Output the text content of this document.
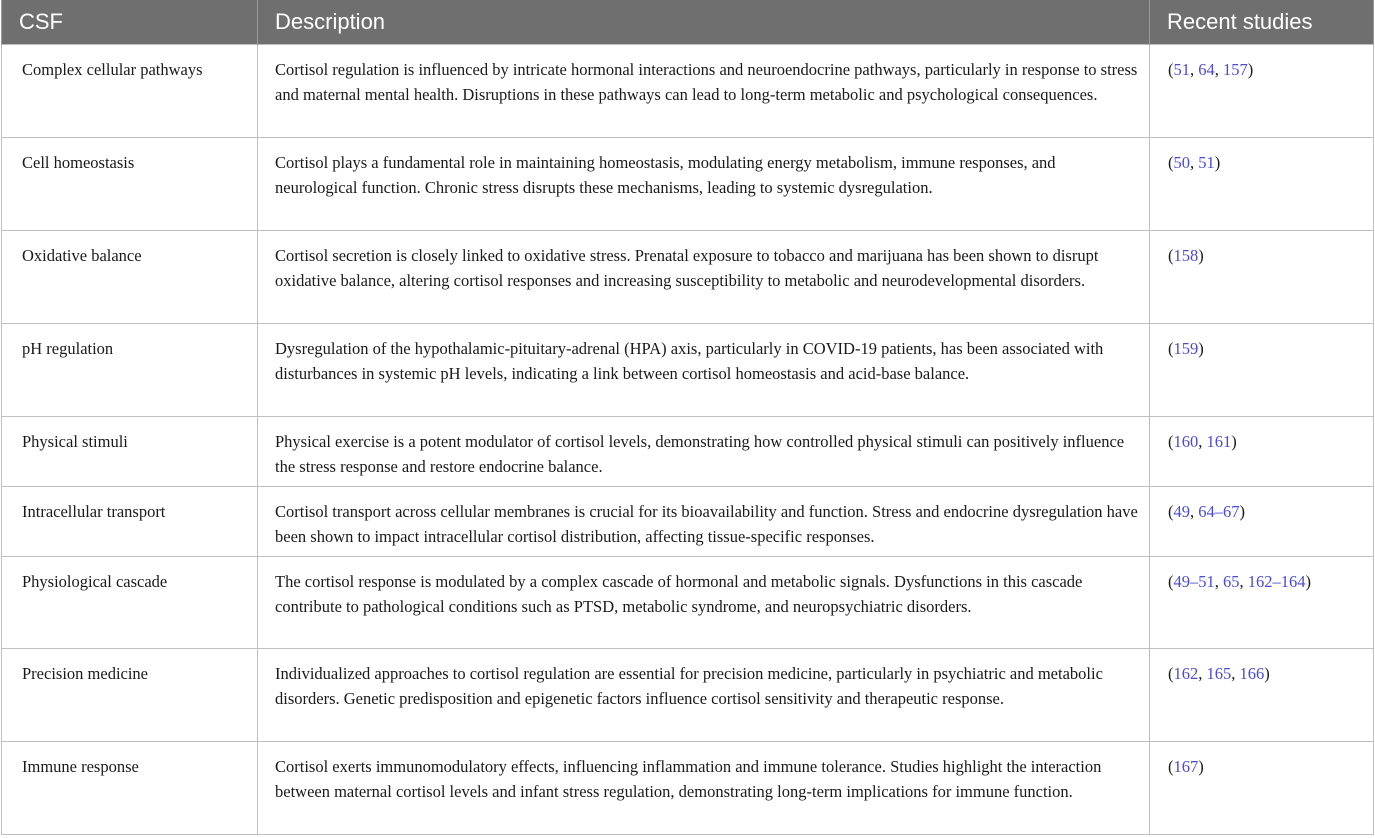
CSF	Description	Recent studies
Complex cellular pathways	Cortisol regulation is influenced by intricate hormonal interactions and neuroendocrine pathways, particularly in response to stress and maternal mental health. Disruptions in these pathways can lead to long-term metabolic and psychological consequences.	(51, 64, 157)
Cell homeostasis	Cortisol plays a fundamental role in maintaining homeostasis, modulating energy metabolism, immune responses, and neurological function. Chronic stress disrupts these mechanisms, leading to systemic dysregulation.	(50, 51)
Oxidative balance	Cortisol secretion is closely linked to oxidative stress. Prenatal exposure to tobacco and marijuana has been shown to disrupt oxidative balance, altering cortisol responses and increasing susceptibility to metabolic and neurodevelopmental disorders.	(158)
pH regulation	Dysregulation of the hypothalamic-pituitary-adrenal (HPA) axis, particularly in COVID-19 patients, has been associated with disturbances in systemic pH levels, indicating a link between cortisol homeostasis and acid-base balance.	(159)
Physical stimuli	Physical exercise is a potent modulator of cortisol levels, demonstrating how controlled physical stimuli can positively influence the stress response and restore endocrine balance.	(160, 161)
Intracellular transport	Cortisol transport across cellular membranes is crucial for its bioavailability and function. Stress and endocrine dysregulation have been shown to impact intracellular cortisol distribution, affecting tissue-specific responses.	(49, 64–67)
Physiological cascade	The cortisol response is modulated by a complex cascade of hormonal and metabolic signals. Dysfunctions in this cascade contribute to pathological conditions such as PTSD, metabolic syndrome, and neuropsychiatric disorders.	(49–51, 65, 162–164)
Precision medicine	Individualized approaches to cortisol regulation are essential for precision medicine, particularly in psychiatric and metabolic disorders. Genetic predisposition and epigenetic factors influence cortisol sensitivity and therapeutic response.	(162, 165, 166)
Immune response	Cortisol exerts immunomodulatory effects, influencing inflammation and immune tolerance. Studies highlight the interaction between maternal cortisol levels and infant stress regulation, demonstrating long-term implications for immune function.	(167)
